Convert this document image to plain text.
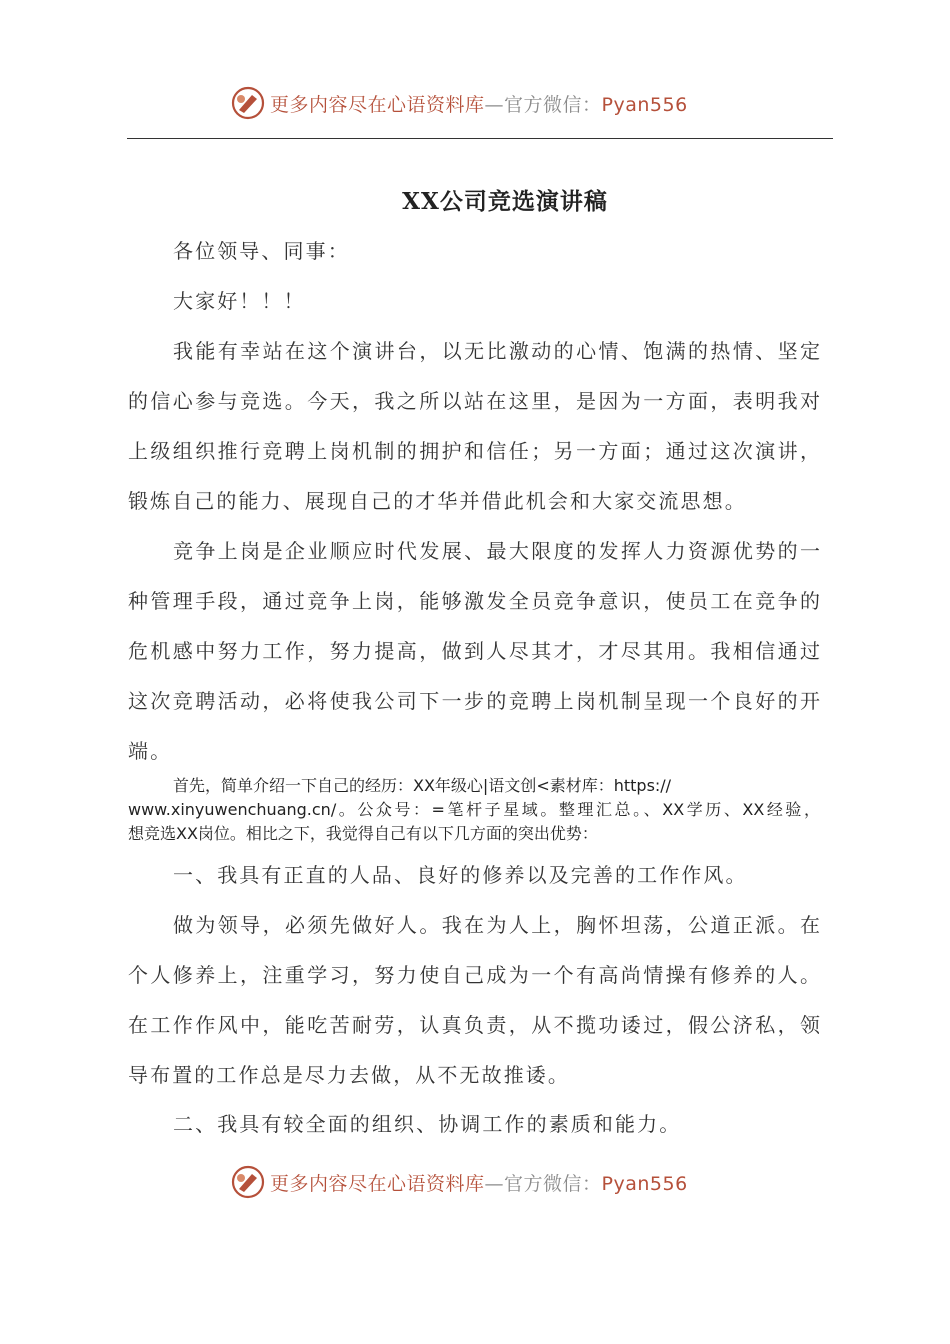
更多内容尽在心语资料库—官方微信：Pyan556
XX公司竞选演讲稿
各位领导、同事：
大家好！！！
我能有幸站在这个演讲台，以无比激动的心情、饱满的热情、坚定
的信心参与竞选。今天，我之所以站在这里，是因为一方面，表明我对
上级组织推行竞聘上岗机制的拥护和信任；另一方面；通过这次演讲，
锻炼自己的能力、展现自己的才华并借此机会和大家交流思想。
竞争上岗是企业顺应时代发展、最大限度的发挥人力资源优势的一
种管理手段，通过竞争上岗，能够激发全员竞争意识，使员工在竞争的
危机感中努力工作，努力提高，做到人尽其才，才尽其用。我相信通过
这次竞聘活动，必将使我公司下一步的竞聘上岗机制呈现一个良好的开
端。
首先，简单介绍一下自己的经历：XX年级心|语文创<素材库：https://
www.xinyuwenchuang.cn/。公众号：=笔杆子星域。整理汇总。、XX学历、XX经验，
想竞选XX岗位。相比之下，我觉得自己有以下几方面的突出优势：
一、我具有正直的人品、良好的修养以及完善的工作作风。
做为领导，必须先做好人。我在为人上，胸怀坦荡，公道正派。在
个人修养上，注重学习，努力使自己成为一个有高尚情操有修养的人。
在工作作风中，能吃苦耐劳，认真负责，从不揽功诿过，假公济私，领
导布置的工作总是尽力去做，从不无故推诿。
二、我具有较全面的组织、协调工作的素质和能力。
更多内容尽在心语资料库—官方微信：Pyan556
